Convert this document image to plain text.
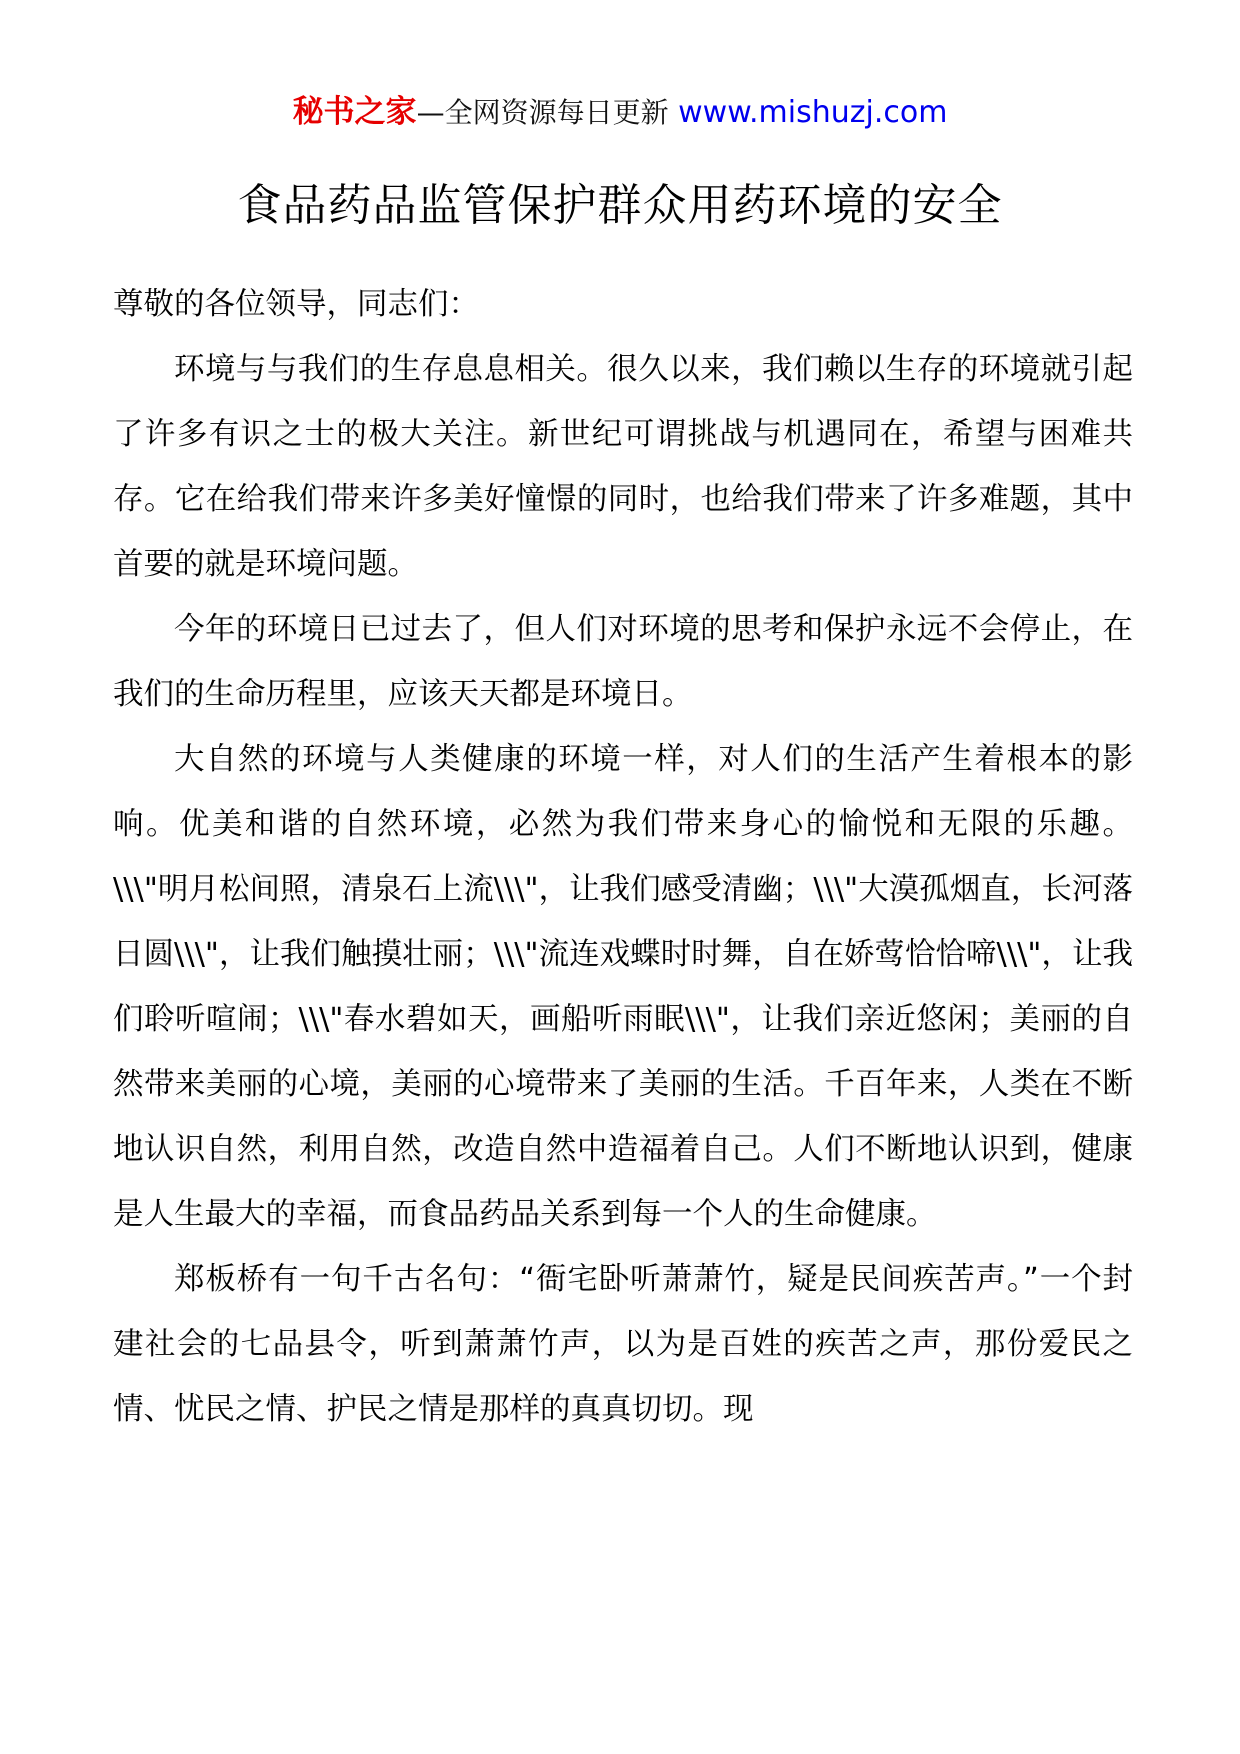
秘书之家—全网资源每日更新 www.mishuzj.com
食品药品监管保护群众用药环境的安全

尊敬的各位领导，同志们：

环境与与我们的生存息息相关。很久以来，我们赖以生存的环境就引起了许多有识之士的极大关注。新世纪可谓挑战与机遇同在，希望与困难共存。它在给我们带来许多美好憧憬的同时，也给我们带来了许多难题，其中首要的就是环境问题。

今年的环境日已过去了，但人们对环境的思考和保护永远不会停止，在我们的生命历程里，应该天天都是环境日。

大自然的环境与人类健康的环境一样，对人们的生活产生着根本的影响。优美和谐的自然环境，必然为我们带来身心的愉悦和无限的乐趣。\\\"明月松间照，清泉石上流\\\"，让我们感受清幽；\\\"大漠孤烟直，长河落日圆\\\"，让我们触摸壮丽；\\\"流连戏蝶时时舞，自在娇莺恰恰啼\\\"，让我们聆听喧闹；\\\"春水碧如天，画船听雨眠\\\"，让我们亲近悠闲；美丽的自然带来美丽的心境，美丽的心境带来了美丽的生活。千百年来，人类在不断地认识自然，利用自然，改造自然中造福着自己。人们不断地认识到，健康是人生最大的幸福，而食品药品关系到每一个人的生命健康。

郑板桥有一句千古名句：“衙宅卧听萧萧竹，疑是民间疾苦声。”一个封建社会的七品县令，听到萧萧竹声，以为是百姓的疾苦之声，那份爱民之情、忧民之情、护民之情是那样的真真切切。现
